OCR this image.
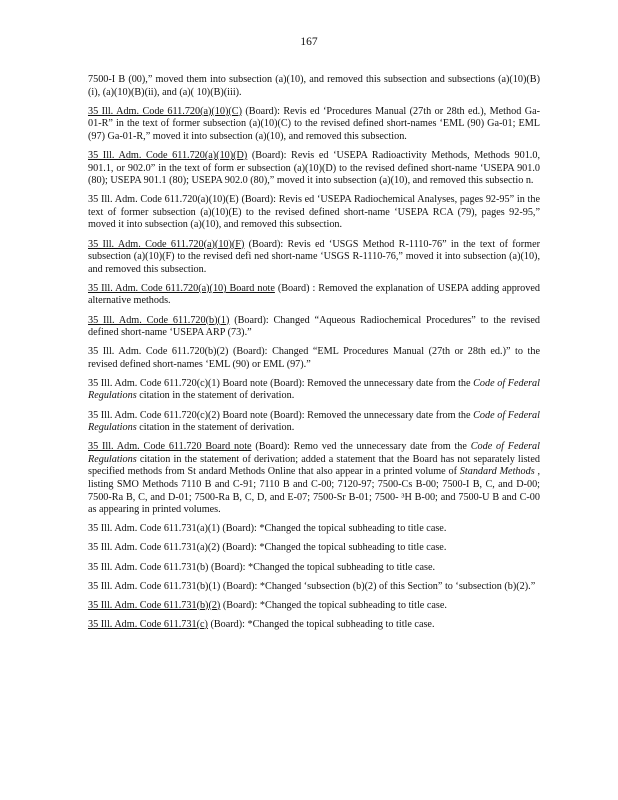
167
7500-I B (00),” moved them into subsection (a)(10), and removed this subsection and subsections (a)(10)(B)(i), (a)(10)(B)(ii), and (a)( 10)(B)(iii).
35 Ill. Adm. Code 611.720(a)(10)(C) (Board): Revis ed ‘Procedures Manual (27th or 28th ed.), Method Ga-01-R” in the text of former subsection (a)(10)(C) to the revised defined short-names ‘EML (90) Ga-01; EML (97) Ga-01-R,” moved it into subsection (a)(10), and removed this subsection.
35 Ill. Adm. Code 611.720(a)(10)(D) (Board): Revis ed ‘USEPA Radioactivity Methods, Methods 901.0, 901.1, or 902.0” in the text of form er subsection (a)(10)(D) to the revised defined short-name ‘USEPA 901.0 (80); USEPA 901.1 (80); USEPA 902.0 (80),” moved it into subsection (a)(10), and removed this subsectio n.
35 Ill. Adm. Code 611.720(a)(10)(E) (Board): Revis ed ‘USEPA Radiochemical Analyses, pages 92-95” in the text of former subsection (a)(10)(E) to the revised defined short-name ‘USEPA RCA (79), pages 92-95,” moved it into subsection (a)(10), and removed this subsection.
35 Ill. Adm. Code 611.720(a)(10)(F) (Board): Revis ed ‘USGS Method R-1110-76” in the text of former subsection (a)(10)(F) to the revised defi ned short-name ‘USGS R-1110-76,” moved it into subsection (a)(10), and removed this subsection.
35 Ill. Adm. Code 611.720(a)(10) Board note (Board) : Removed the explanation of USEPA adding approved alternative methods.
35 Ill. Adm. Code 611.720(b)(1) (Board): Changed “Aqueous Radiochemical Procedures” to the revised defined short-name ‘USEPA ARP (73).”
35 Ill. Adm. Code 611.720(b)(2) (Board): Changed “EML Procedures Manual (27th or 28th ed.)” to the revised defined short-names ‘EML (90) or EML (97).”
35 Ill. Adm. Code 611.720(c)(1) Board note (Board): Removed the unnecessary date from the Code of Federal Regulations citation in the statement of derivation.
35 Ill. Adm. Code 611.720(c)(2) Board note (Board): Removed the unnecessary date from the Code of Federal Regulations citation in the statement of derivation.
35 Ill. Adm. Code 611.720 Board note (Board): Remo ved the unnecessary date from the Code of Federal Regulations citation in the statement of derivation; added a statement that the Board has not separately listed specified methods from St andard Methods Online that also appear in a printed volume of Standard Methods , listing SMO Methods 7110 B and C-91; 7110 B and C-00; 7120-97; 7500-Cs B-00; 7500-I B, C, and D-00; 7500-Ra B, C, and D-01; 7500-Ra B, C, D, and E-07; 7500-Sr B-01; 7500- ³H B-00; and 7500-U B and C-00 as appearing in printed volumes.
35 Ill. Adm. Code 611.731(a)(1) (Board): *Changed the topical subheading to title case.
35 Ill. Adm. Code 611.731(a)(2) (Board): *Changed the topical subheading to title case.
35 Ill. Adm. Code 611.731(b) (Board): *Changed the topical subheading to title case.
35 Ill. Adm. Code 611.731(b)(1) (Board): *Changed ‘subsection (b)(2) of this Section” to ‘subsection (b)(2).”
35 Ill. Adm. Code 611.731(b)(2) (Board): *Changed the topical subheading to title case.
35 Ill. Adm. Code 611.731(c) (Board): *Changed the topical subheading to title case.
